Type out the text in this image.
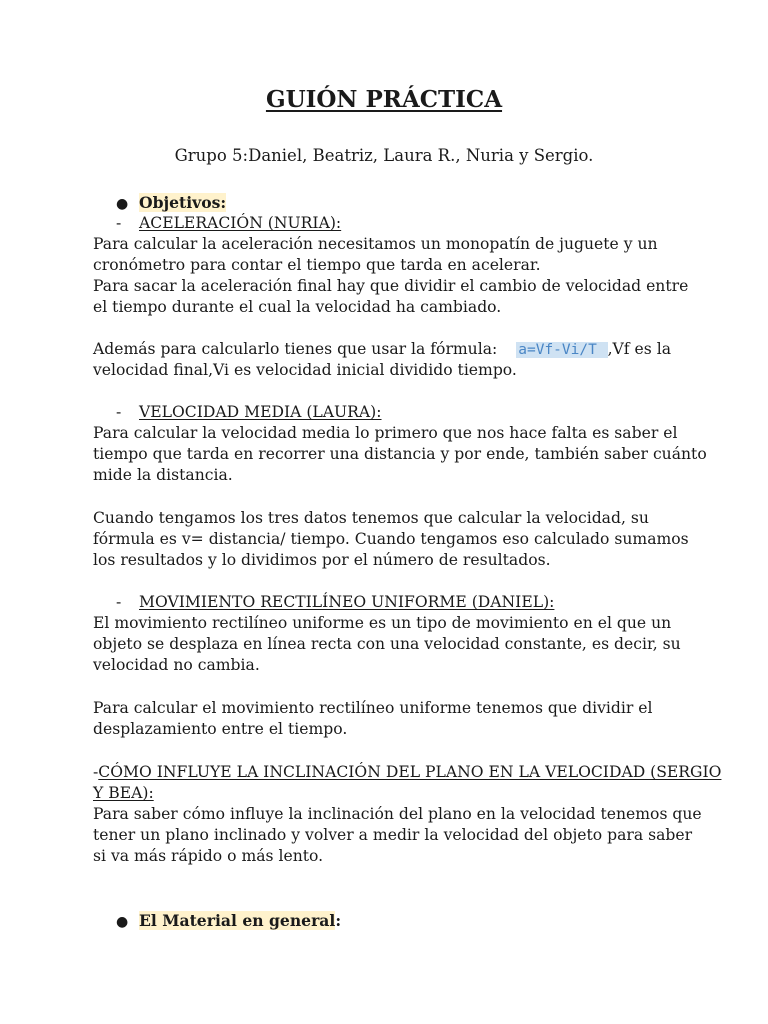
GUIÓN PRÁCTICA
Grupo 5:Daniel, Beatriz, Laura R., Nuria y Sergio.
● Objetivos:
- ACELERACIÓN (NURIA):
Para calcular la aceleración necesitamos un monopatín de juguete y un
cronómetro para contar el tiempo que tarda en acelerar.
Para sacar la aceleración final hay que dividir el cambio de velocidad entre
el tiempo durante el cual la velocidad ha cambiado.
Además para calcularlo tienes que usar la fórmula: a=Vf-Vi/T ,Vf es la
velocidad final,Vi es velocidad inicial dividido tiempo.
- VELOCIDAD MEDIA (LAURA):
Para calcular la velocidad media lo primero que nos hace falta es saber el
tiempo que tarda en recorrer una distancia y por ende, también saber cuánto
mide la distancia.
Cuando tengamos los tres datos tenemos que calcular la velocidad, su
fórmula es v= distancia/ tiempo. Cuando tengamos eso calculado sumamos
los resultados y lo dividimos por el número de resultados.
- MOVIMIENTO RECTILÍNEO UNIFORME (DANIEL):
El movimiento rectilíneo uniforme es un tipo de movimiento en el que un
objeto se desplaza en línea recta con una velocidad constante, es decir, su
velocidad no cambia.
Para calcular el movimiento rectilíneo uniforme tenemos que dividir el
desplazamiento entre el tiempo.
-CÓMO INFLUYE LA INCLINACIÓN DEL PLANO EN LA VELOCIDAD (SERGIO
Y BEA):
Para saber cómo influye la inclinación del plano en la velocidad tenemos que
tener un plano inclinado y volver a medir la velocidad del objeto para saber
si va más rápido o más lento.
● El Material en general:
